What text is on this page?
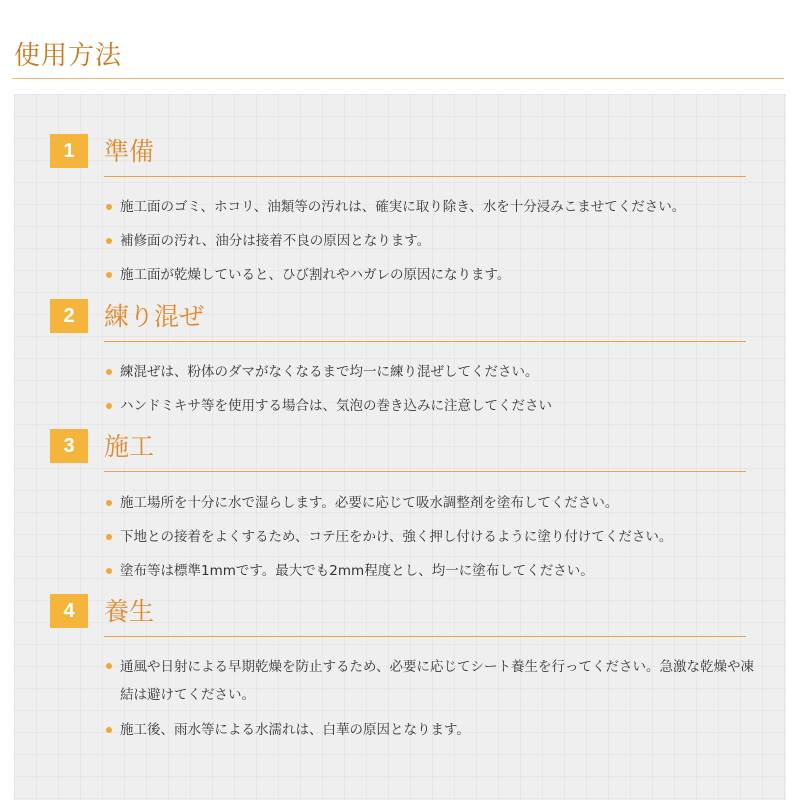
使用方法
1	準備
施工面のゴミ、ホコリ、油類等の汚れは、確実に取り除き、水を十分浸みこませてください。
補修面の汚れ、油分は接着不良の原因となります。
施工面が乾燥していると、ひび割れやハガレの原因になります。
2	練り混ぜ
練混ぜは、粉体のダマがなくなるまで均一に練り混ぜしてください。
ハンドミキサ等を使用する場合は、気泡の巻き込みに注意してください
3	施工
施工場所を十分に水で湿らします。必要に応じて吸水調整剤を塗布してください。
下地との接着をよくするため、コテ圧をかけ、強く押し付けるように塗り付けてください。
塗布等は標準1mmです。最大でも2mm程度とし、均一に塗布してください。
4	養生
通風や日射による早期乾燥を防止するため、必要に応じてシート養生を行ってください。急激な乾燥や凍結は避けてください。
施工後、雨水等による水濡れは、白華の原因となります。
